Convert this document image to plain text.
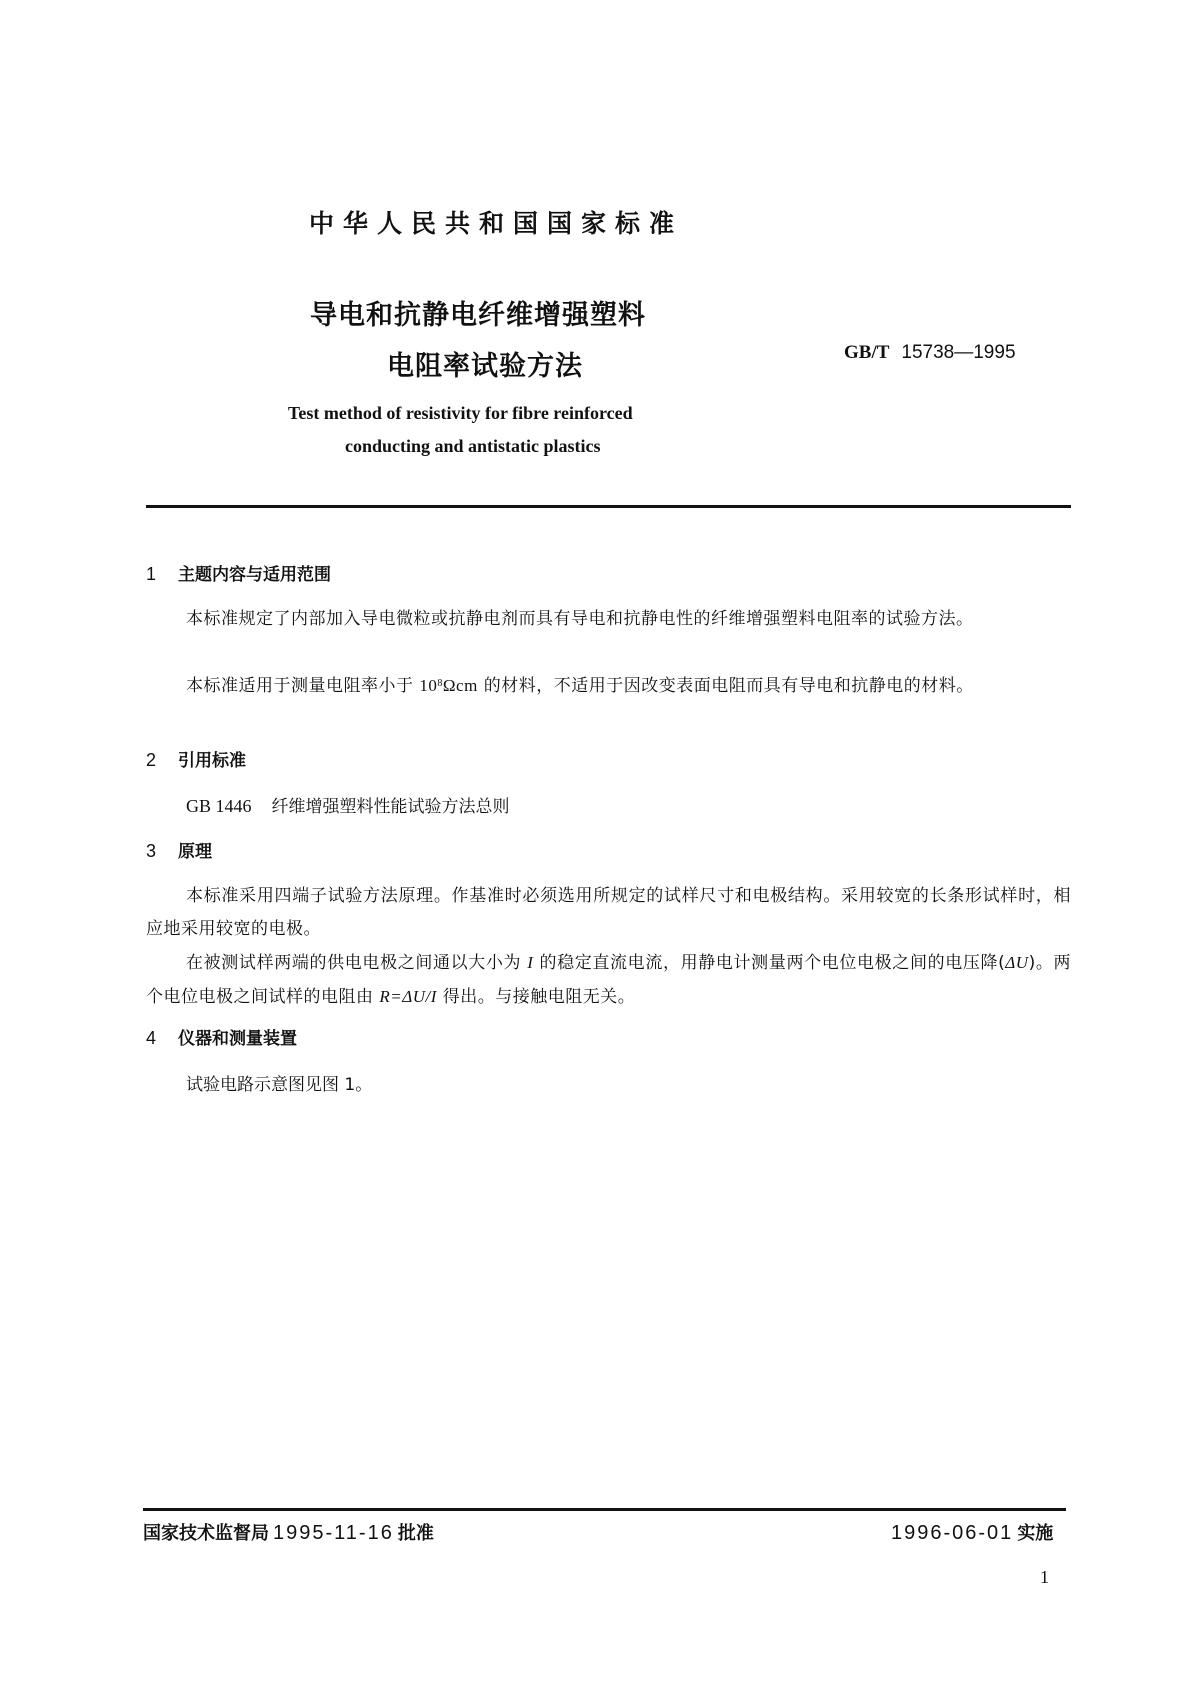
中华人民共和国国家标准
导电和抗静电纤维增强塑料
电阻率试验方法	GB/T 15738—1995
Test method of resistivity for fibre reinforced
conducting and antistatic plastics
1 主题内容与适用范围
本标准规定了内部加入导电微粒或抗静电剂而具有导电和抗静电性的纤维增强塑料电阻率的试验方法。
本标准适用于测量电阻率小于 $10^8\Omega cm$ 的材料，不适用于因改变表面电阻而具有导电和抗静电的材料。
2 引用标准
GB 1446 纤维增强塑料性能试验方法总则
3 原理
本标准采用四端子试验方法原理。作基准时必须选用所规定的试样尺寸和电极结构。采用较宽的长条形试样时，相应地采用较宽的电极。
在被测试样两端的供电电极之间通以大小为 I 的稳定直流电流，用静电计测量两个电位电极之间的电压降(ΔU)。两个电位电极之间试样的电阻由 R=ΔU/I 得出。与接触电阻无关。
4 仪器和测量装置
试验电路示意图见图 1。
国家技术监督局 1995-11-16 批准	1996-06-01 实施
1
